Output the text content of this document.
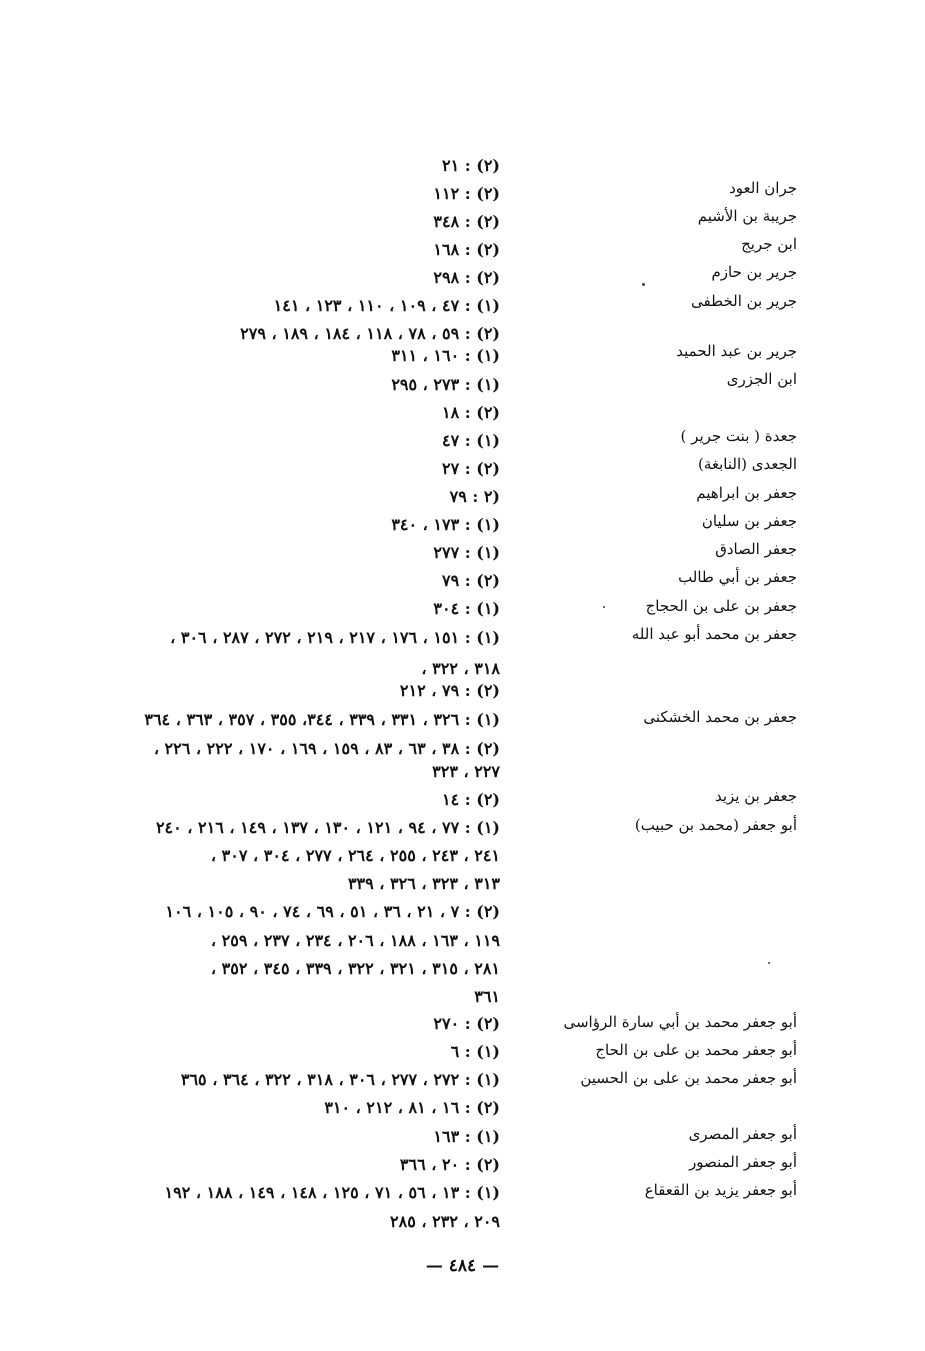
جران العود
جريبة بن الأشيم
ابن جريج
جرير بن حازم
جرير بن الخطفى
جرير بن عبد الحميد
ابن الجزرى
جعدة ( بنت جرير )
الجعدى (النابغة)
جعفر بن ابراهيم
جعفر بن سليان
جعفر الصادق
جعفر بن أبي طالب
جعفر بن على بن الحجاج
جعفر بن محمد أبو عبد الله
جعفر بن محمد الخشكنى
جعفر بن يزيد
أبو جعفر (محمد بن حبيب)
أبو جعفر محمد بن أبي سارة الرؤاسى
أبو جعفر محمد بن على بن الحاج
أبو جعفر محمد بن على بن الحسين
أبو جعفر المصرى
أبو جعفر المنصور
أبو جعفر يزيد بن القعقاع
(٢) : ٢١
(٢) : ١١٢
(٢) : ٣٤٨
(٢) : ١٦٨
(٢) : ٢٩٨
(١) : ٤٧ ، ١٠٩ ، ١١٠ ، ١٢٣ ، ١٤١
(٢) : ٥٩ ، ٧٨ ، ١١٨ ، ١٨٤ ، ١٨٩ ، ٢٧٩
(١) : ١٦٠ ، ٣١١
(١) : ٢٧٣ ، ٢٩٥
(٢) : ١٨
(١) : ٤٧
(٢) : ٢٧
(٢ : ٧٩
(١) : ١٧٣ ، ٣٤٠
(١) : ٢٧٧
(٢) : ٧٩
(١) : ٣٠٤
(١) : ١٥١ ، ١٧٦ ، ٢١٧ ، ٢١٩ ، ٢٧٢ ، ٢٨٧ ، ٣٠٦ ،
٣١٨ ، ٣٢٢ ،
(٢) : ٧٩ ، ٢١٢
(١) : ٣٢٦ ، ٣٣١ ، ٣٣٩ ، ٣٤٤، ٣٥٥ ، ٣٥٧ ، ٣٦٣ ، ٣٦٤
(٢) : ٣٨ ، ٦٣ ، ٨٣ ، ١٥٩ ، ١٦٩ ، ١٧٠ ، ٢٢٢ ، ٢٢٦ ،
٢٢٧ ، ٣٢٣
(٢) : ١٤
(١) : ٧٧ ، ٩٤ ، ١٢١ ، ١٣٠ ، ١٣٧ ، ١٤٩ ، ٢١٦ ، ٢٤٠
٢٤١ ، ٢٤٣ ، ٢٥٥ ، ٢٦٤ ، ٢٧٧ ، ٣٠٤ ، ٣٠٧ ،
٣١٣ ، ٣٢٣ ، ٣٢٦ ، ٣٣٩
(٢) : ٧ ، ٢١ ، ٣٦ ، ٥١ ، ٦٩ ، ٧٤ ، ٩٠ ، ١٠٥ ، ١٠٦
١١٩ ، ١٦٣ ، ١٨٨ ، ٢٠٦ ، ٢٣٤ ، ٢٣٧ ، ٢٥٩ ،
٢٨١ ، ٣١٥ ، ٣٢١ ، ٣٢٢ ، ٣٣٩ ، ٣٤٥ ، ٣٥٢ ،
٣٦١
(٢) : ٢٧٠
(١) : ٦
(١) : ٢٧٢ ، ٢٧٧ ، ٣٠٦ ، ٣١٨ ، ٣٢٢ ، ٣٦٤ ، ٣٦٥
(٢) : ١٦ ، ٨١ ، ٢١٢ ، ٣١٠
(١) : ١٦٣
(٢) : ٢٠ ، ٣٦٦
(١) : ١٣ ، ٥٦ ، ٧١ ، ١٢٥ ، ١٤٨ ، ١٤٩ ، ١٨٨ ، ١٩٢
٢٠٩ ، ٢٣٢ ، ٢٨٥
— ٤٨٤ —
